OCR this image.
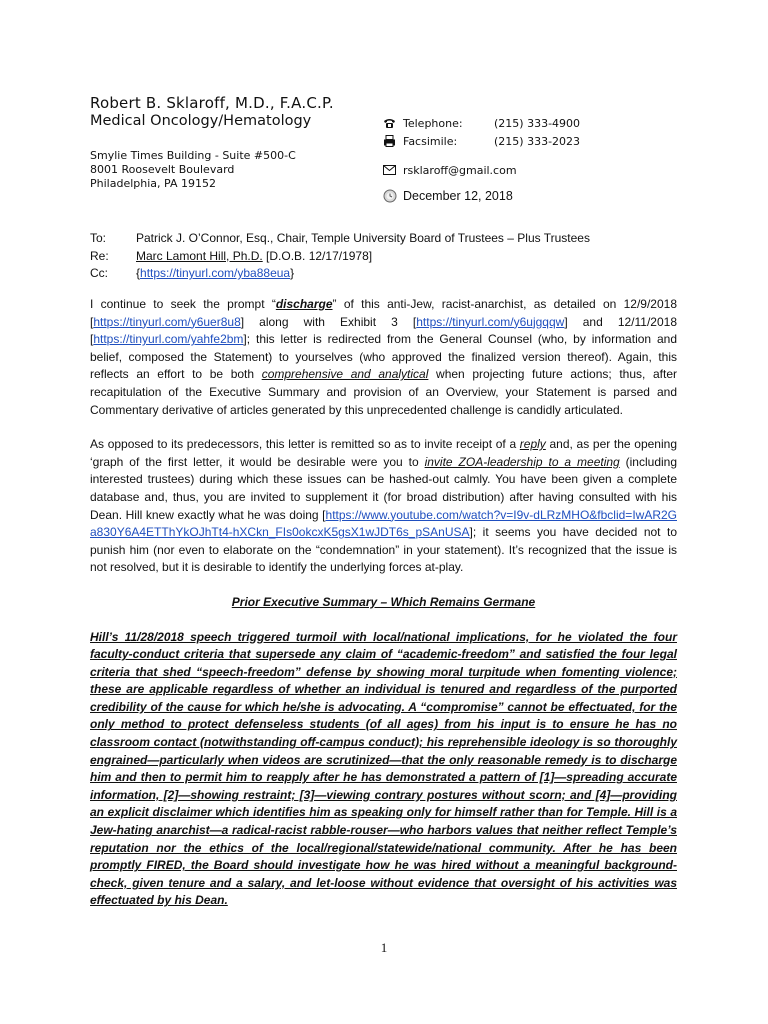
Robert B. Sklaroff, M.D., F.A.C.P.
Medical Oncology/Hematology
Smylie Times Building - Suite #500-C
8001 Roosevelt Boulevard
Philadelphia, PA 19152
Telephone:	(215) 333-4900
Facsimile:	(215) 333-2023
rsklaroff@gmail.com
December 12, 2018
To:	Patrick J. O’Connor, Esq., Chair, Temple University Board of Trustees – Plus Trustees
Re:	Marc Lamont Hill, Ph.D. [D.O.B. 12/17/1978]
Cc:	{https://tinyurl.com/yba88eua}

I continue to seek the prompt “discharge” of this anti-Jew, racist-anarchist, as detailed on 12/9/2018 [https://tinyurl.com/y6uer8u8] along with Exhibit 3 [https://tinyurl.com/y6ujgqqw] and 12/11/2018 [https://tinyurl.com/yahfe2bm]; this letter is redirected from the General Counsel (who, by information and belief, composed the Statement) to yourselves (who approved the finalized version thereof). Again, this reflects an effort to be both comprehensive and analytical when projecting future actions; thus, after recapitulation of the Executive Summary and provision of an Overview, your Statement is parsed and Commentary derivative of articles generated by this unprecedented challenge is candidly articulated.

As opposed to its predecessors, this letter is remitted so as to invite receipt of a reply and, as per the opening ‘graph of the first letter, it would be desirable were you to invite ZOA-leadership to a meeting (including interested trustees) during which these issues can be hashed-out calmly. You have been given a complete database and, thus, you are invited to supplement it (for broad distribution) after having consulted with his Dean. Hill knew exactly what he was doing [https://www.youtube.com/watch?v=I9v-dLRzMHO&fbclid=IwAR2Ga830Y6A4ETThYkOJhTt4-hXCkn_FIs0okcxK5gsX1wJDT6s_pSAnUSA]; it seems you have decided not to punish him (nor even to elaborate on the “condemnation” in your statement). It’s recognized that the issue is not resolved, but it is desirable to identify the underlying forces at-play.

Prior Executive Summary – Which Remains Germane

Hill’s 11/28/2018 speech triggered turmoil with local/national implications, for he violated the four faculty-conduct criteria that supersede any claim of “academic-freedom” and satisfied the four legal criteria that shed “speech-freedom” defense by showing moral turpitude when fomenting violence; these are applicable regardless of whether an individual is tenured and regardless of the purported credibility of the cause for which he/she is advocating. A “compromise” cannot be effectuated, for the only method to protect defenseless students (of all ages) from his input is to ensure he has no classroom contact (notwithstanding off-campus conduct); his reprehensible ideology is so thoroughly engrained—particularly when videos are scrutinized—that the only reasonable remedy is to discharge him and then to permit him to reapply after he has demonstrated a pattern of [1]—spreading accurate information, [2]—showing restraint; [3]—viewing contrary postures without scorn; and [4]—providing an explicit disclaimer which identifies him as speaking only for himself rather than for Temple. Hill is a Jew-hating anarchist—a radical-racist rabble-rouser—who harbors values that neither reflect Temple’s reputation nor the ethics of the local/regional/statewide/national community. After he has been promptly FIRED, the Board should investigate how he was hired without a meaningful background-check, given tenure and a salary, and let-loose without evidence that oversight of his activities was effectuated by his Dean.

1
